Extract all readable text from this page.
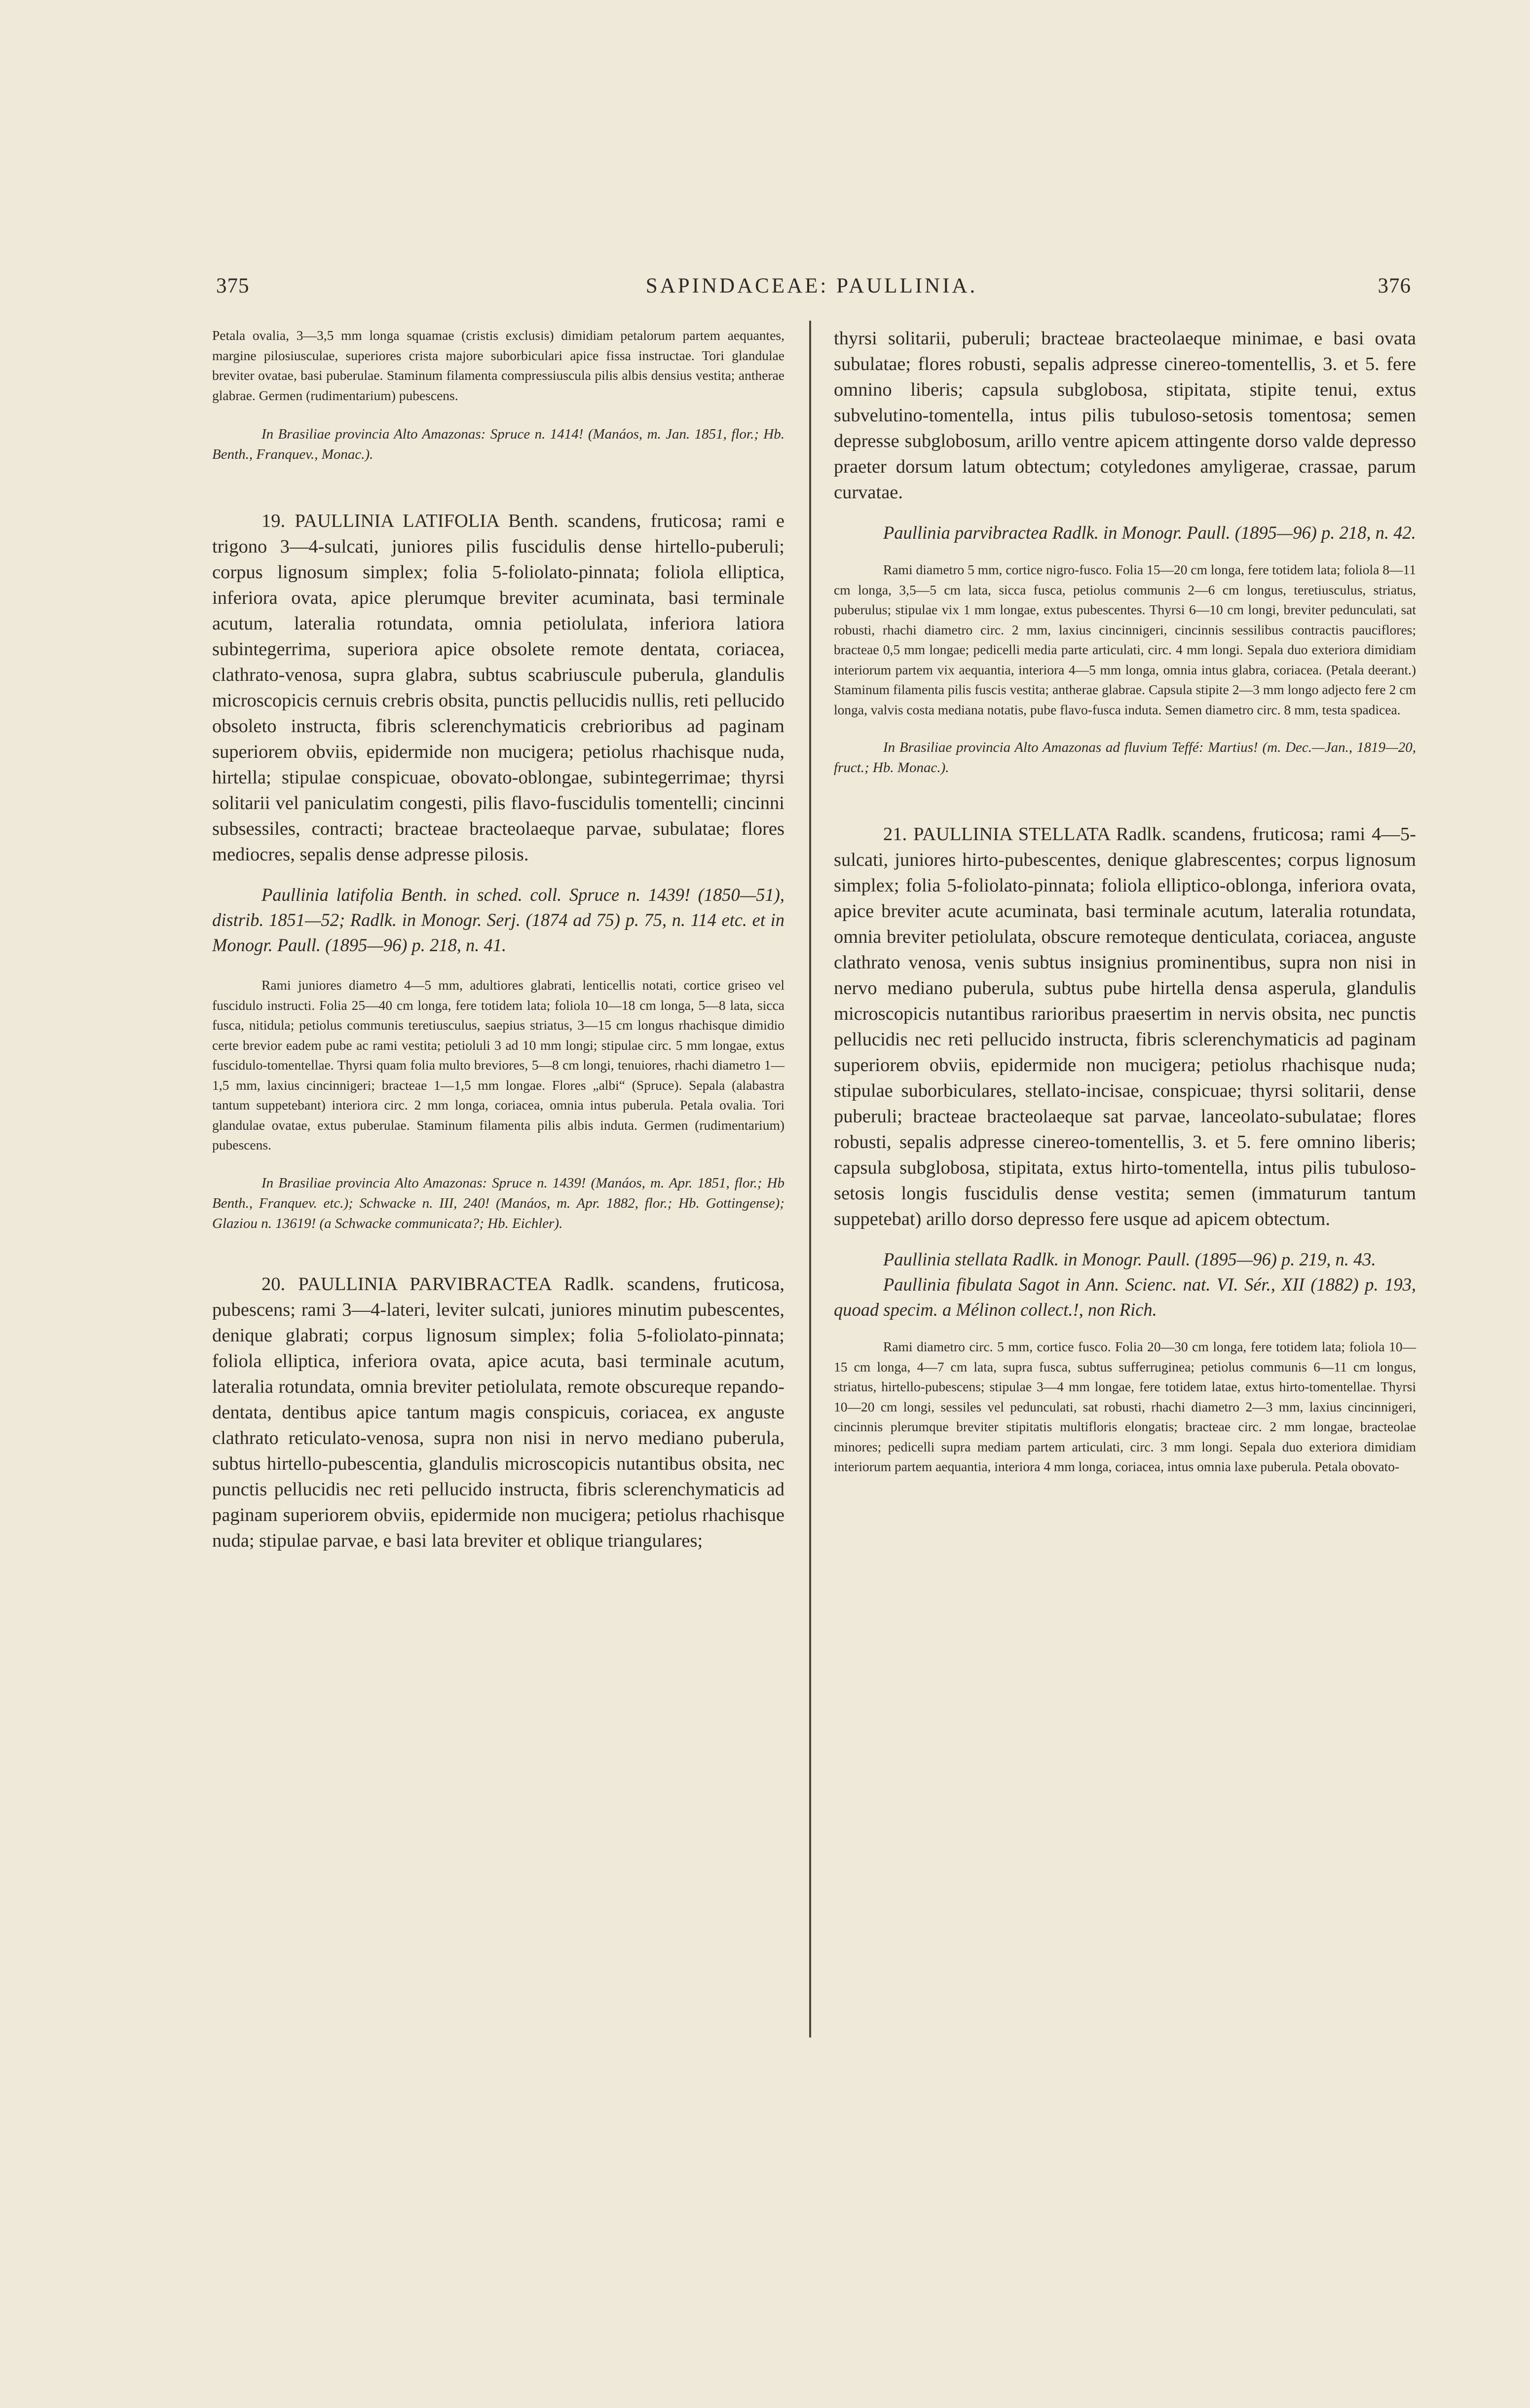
375	SAPINDACEAE: PAULLINIA.	376

Petala ovalia, 3—3,5 mm longa squamae (cristis exclusis) dimidiam petalorum partem aequantes, margine pilosiusculae, superiores crista majore suborbiculari apice fissa instructae. Tori glandulae breviter ovatae, basi puberulae. Staminum filamenta compressiuscula pilis albis densius vestita; antherae glabrae. Germen (rudimentarium) pubescens.

In Brasiliae provincia Alto Amazonas: Spruce n. 1414! (Manáos, m. Jan. 1851, flor.; Hb. Benth., Franquev., Monac.).

19. PAULLINIA LATIFOLIA Benth. scandens, fruticosa; rami e trigono 3—4-sulcati, juniores pilis fuscidulis dense hirtello-puberuli; corpus lignosum simplex; folia 5-foliolato-pinnata; foliola elliptica, inferiora ovata, apice plerumque breviter acuminata, basi terminale acutum, lateralia rotundata, omnia petiolulata, inferiora latiora subintegerrima, superiora apice obsolete remote dentata, coriacea, clathrato-venosa, supra glabra, subtus scabriuscule puberula, glandulis microscopicis cernuis crebris obsita, punctis pellucidis nullis, reti pellucido obsoleto instructa, fibris sclerenchymaticis crebrioribus ad paginam superiorem obviis, epidermide non mucigera; petiolus rhachisque nuda, hirtella; stipulae conspicuae, obovato-oblongae, subintegerrimae; thyrsi solitarii vel paniculatim congesti, pilis flavo-fuscidulis tomentelli; cincinni subsessiles, contracti; bracteae bracteolaeque parvae, subulatae; flores mediocres, sepalis dense adpresse pilosis.

Paullinia latifolia Benth. in sched. coll. Spruce n. 1439! (1850—51), distrib. 1851—52; Radlk. in Monogr. Serj. (1874 ad 75) p. 75, n. 114 etc. et in Monogr. Paull. (1895—96) p. 218, n. 41.

Rami juniores diametro 4—5 mm, adultiores glabrati, lenticellis notati, cortice griseo vel fuscidulo instructi. Folia 25—40 cm longa, fere totidem lata; foliola 10—18 cm longa, 5—8 lata, sicca fusca, nitidula; petiolus communis teretiusculus, saepius striatus, 3—15 cm longus rhachisque dimidio certe brevior eadem pube ac rami vestita; petioluli 3 ad 10 mm longi; stipulae circ. 5 mm longae, extus fuscidulo-tomentellae. Thyrsi quam folia multo breviores, 5—8 cm longi, tenuiores, rhachi diametro 1—1,5 mm, laxius cincinnigeri; bracteae 1—1,5 mm longae. Flores „albi“ (Spruce). Sepala (alabastra tantum suppetebant) interiora circ. 2 mm longa, coriacea, omnia intus puberula. Petala ovalia. Tori glandulae ovatae, extus puberulae. Staminum filamenta pilis albis induta. Germen (rudimentarium) pubescens.

In Brasiliae provincia Alto Amazonas: Spruce n. 1439! (Manáos, m. Apr. 1851, flor.; Hb Benth., Franquev. etc.); Schwacke n. III, 240! (Manáos, m. Apr. 1882, flor.; Hb. Gottingense); Glaziou n. 13619! (a Schwacke communicata?; Hb. Eichler).

20. PAULLINIA PARVIBRACTEA Radlk. scandens, fruticosa, pubescens; rami 3—4-lateri, leviter sulcati, juniores minutim pubescentes, denique glabrati; corpus lignosum simplex; folia 5-foliolato-pinnata; foliola elliptica, inferiora ovata, apice acuta, basi terminale acutum, lateralia rotundata, omnia breviter petiolulata, remote obscureque repando-dentata, dentibus apice tantum magis conspicuis, coriacea, ex anguste clathrato reticulato-venosa, supra non nisi in nervo mediano puberula, subtus hirtello-pubescentia, glandulis microscopicis nutantibus obsita, nec punctis pellucidis nec reti pellucido instructa, fibris sclerenchymaticis ad paginam superiorem obviis, epidermide non mucigera; petiolus rhachisque nuda; stipulae parvae, e basi lata breviter et oblique triangulares;

thyrsi solitarii, puberuli; bracteae bracteolaeque minimae, e basi ovata subulatae; flores robusti, sepalis adpresse cinereo-tomentellis, 3. et 5. fere omnino liberis; capsula subglobosa, stipitata, stipite tenui, extus subvelutino-tomentella, intus pilis tubuloso-setosis tomentosa; semen depresse subglobosum, arillo ventre apicem attingente dorso valde depresso praeter dorsum latum obtectum; cotyledones amyligerae, crassae, parum curvatae.

Paullinia parvibractea Radlk. in Monogr. Paull. (1895—96) p. 218, n. 42.

Rami diametro 5 mm, cortice nigro-fusco. Folia 15—20 cm longa, fere totidem lata; foliola 8—11 cm longa, 3,5—5 cm lata, sicca fusca, petiolus communis 2—6 cm longus, teretiusculus, striatus, puberulus; stipulae vix 1 mm longae, extus pubescentes. Thyrsi 6—10 cm longi, breviter pedunculati, sat robusti, rhachi diametro circ. 2 mm, laxius cincinnigeri, cincinnis sessilibus contractis pauciflores; bracteae 0,5 mm longae; pedicelli media parte articulati, circ. 4 mm longi. Sepala duo exteriora dimidiam interiorum partem vix aequantia, interiora 4—5 mm longa, omnia intus glabra, coriacea. (Petala deerant.) Staminum filamenta pilis fuscis vestita; antherae glabrae. Capsula stipite 2—3 mm longo adjecto fere 2 cm longa, valvis costa mediana notatis, pube flavo-fusca induta. Semen diametro circ. 8 mm, testa spadicea.

In Brasiliae provincia Alto Amazonas ad fluvium Teffé: Martius! (m. Dec.—Jan., 1819—20, fruct.; Hb. Monac.).

21. PAULLINIA STELLATA Radlk. scandens, fruticosa; rami 4—5-sulcati, juniores hirto-pubescentes, denique glabrescentes; corpus lignosum simplex; folia 5-foliolato-pinnata; foliola elliptico-oblonga, inferiora ovata, apice breviter acute acuminata, basi terminale acutum, lateralia rotundata, omnia breviter petiolulata, obscure remoteque denticulata, coriacea, anguste clathrato venosa, venis subtus insignius prominentibus, supra non nisi in nervo mediano puberula, subtus pube hirtella densa asperula, glandulis microscopicis nutantibus rarioribus praesertim in nervis obsita, nec punctis pellucidis nec reti pellucido instructa, fibris sclerenchymaticis ad paginam superiorem obviis, epidermide non mucigera; petiolus rhachisque nuda; stipulae suborbiculares, stellato-incisae, conspicuae; thyrsi solitarii, dense puberuli; bracteae bracteolaeque sat parvae, lanceolato-subulatae; flores robusti, sepalis adpresse cinereo-tomentellis, 3. et 5. fere omnino liberis; capsula subglobosa, stipitata, extus hirto-tomentella, intus pilis tubuloso-setosis longis fuscidulis dense vestita; semen (immaturum tantum suppetebat) arillo dorso depresso fere usque ad apicem obtectum.

Paullinia stellata Radlk. in Monogr. Paull. (1895—96) p. 219, n. 43.

Paullinia fibulata Sagot in Ann. Scienc. nat. VI. Sér., XII (1882) p. 193, quoad specim. a Mélinon collect.!, non Rich.

Rami diametro circ. 5 mm, cortice fusco. Folia 20—30 cm longa, fere totidem lata; foliola 10—15 cm longa, 4—7 cm lata, supra fusca, subtus sufferruginea; petiolus communis 6—11 cm longus, striatus, hirtello-pubescens; stipulae 3—4 mm longae, fere totidem latae, extus hirto-tomentellae. Thyrsi 10—20 cm longi, sessiles vel pedunculati, sat robusti, rhachi diametro 2—3 mm, laxius cincinnigeri, cincinnis plerumque breviter stipitatis multifloris elongatis; bracteae circ. 2 mm longae, bracteolae minores; pedicelli supra mediam partem articulati, circ. 3 mm longi. Sepala duo exteriora dimidiam interiorum partem aequantia, interiora 4 mm longa, coriacea, intus omnia laxe puberula. Petala obovato-
